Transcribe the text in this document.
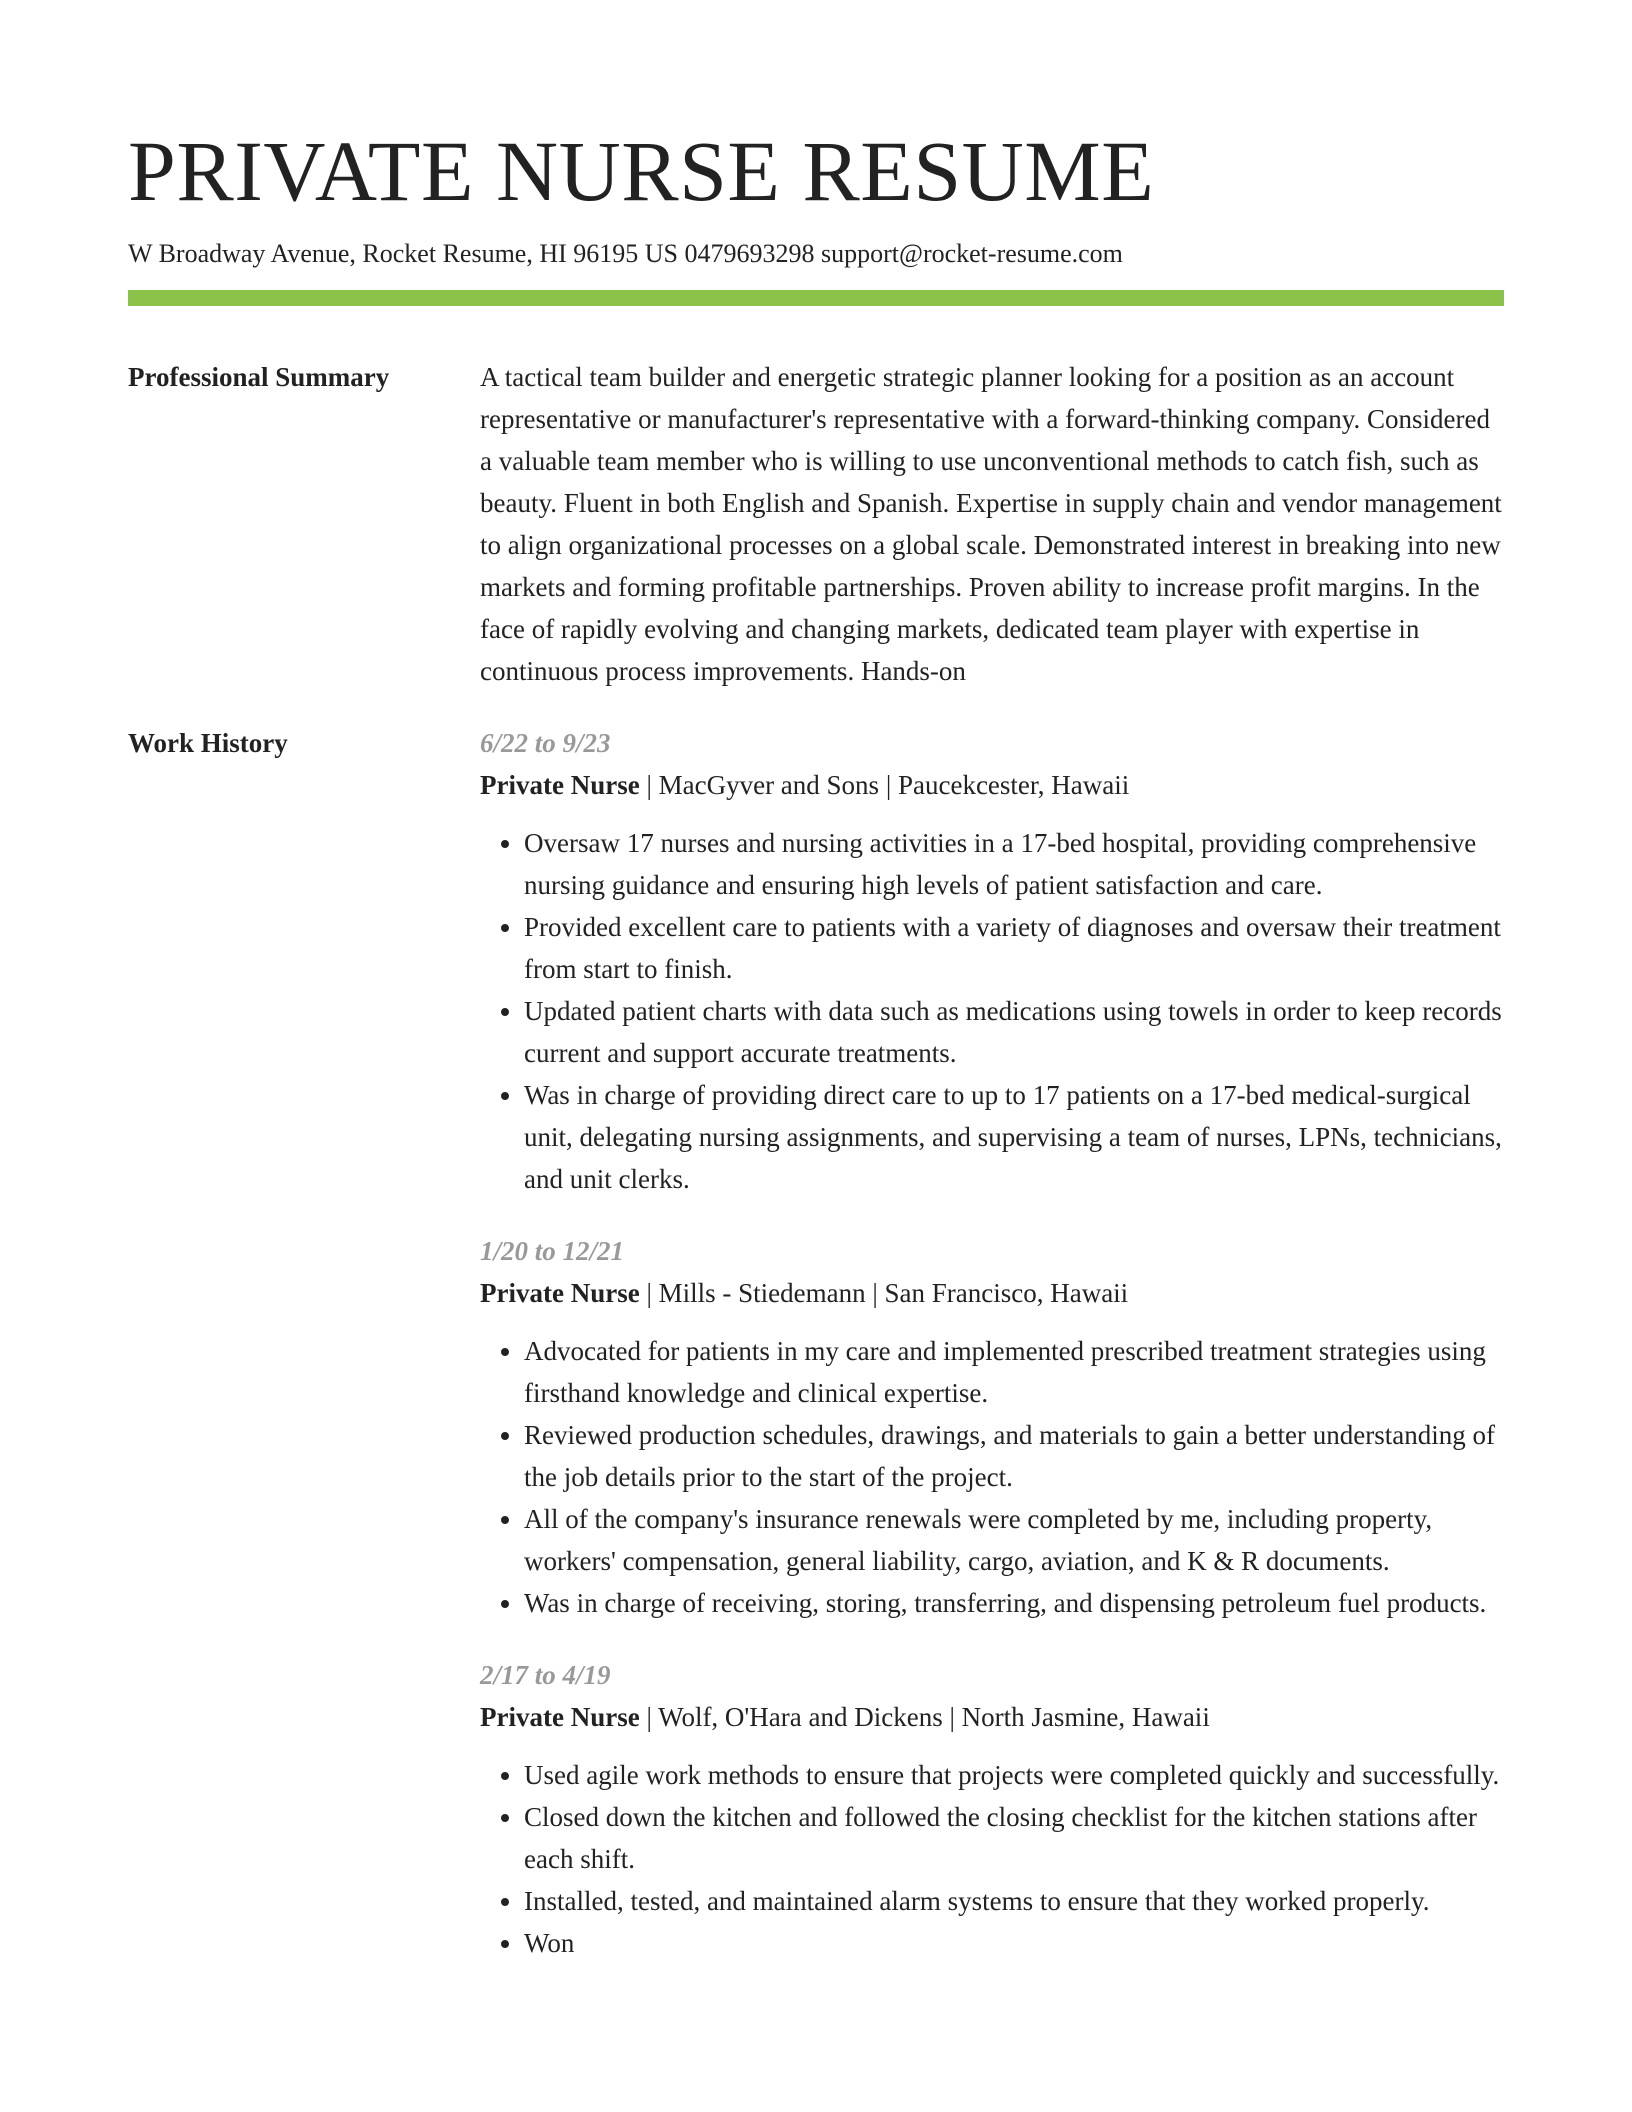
PRIVATE NURSE RESUME
W Broadway Avenue, Rocket Resume, HI 96195 US 0479693298 support@rocket-resume.com
Professional Summary	A tactical team builder and energetic strategic planner looking for a position as an account representative or manufacturer's representative with a forward-thinking company. Considered a valuable team member who is willing to use unconventional methods to catch fish, such as beauty. Fluent in both English and Spanish. Expertise in supply chain and vendor management to align organizational processes on a global scale. Demonstrated interest in breaking into new markets and forming profitable partnerships. Proven ability to increase profit margins. In the face of rapidly evolving and changing markets, dedicated team player with expertise in continuous process improvements. Hands-on

Work History	6/22 to 9/23
Private Nurse | MacGyver and Sons | Paucekcester, Hawaii
• Oversaw 17 nurses and nursing activities in a 17-bed hospital, providing comprehensive nursing guidance and ensuring high levels of patient satisfaction and care.
• Provided excellent care to patients with a variety of diagnoses and oversaw their treatment from start to finish.
• Updated patient charts with data such as medications using towels in order to keep records current and support accurate treatments.
• Was in charge of providing direct care to up to 17 patients on a 17-bed medical-surgical unit, delegating nursing assignments, and supervising a team of nurses, LPNs, technicians, and unit clerks.
1/20 to 12/21
Private Nurse | Mills - Stiedemann | San Francisco, Hawaii
• Advocated for patients in my care and implemented prescribed treatment strategies using firsthand knowledge and clinical expertise.
• Reviewed production schedules, drawings, and materials to gain a better understanding of the job details prior to the start of the project.
• All of the company's insurance renewals were completed by me, including property, workers' compensation, general liability, cargo, aviation, and K & R documents.
• Was in charge of receiving, storing, transferring, and dispensing petroleum fuel products.
2/17 to 4/19
Private Nurse | Wolf, O'Hara and Dickens | North Jasmine, Hawaii
• Used agile work methods to ensure that projects were completed quickly and successfully.
• Closed down the kitchen and followed the closing checklist for the kitchen stations after each shift.
• Installed, tested, and maintained alarm systems to ensure that they worked properly.
• Won
